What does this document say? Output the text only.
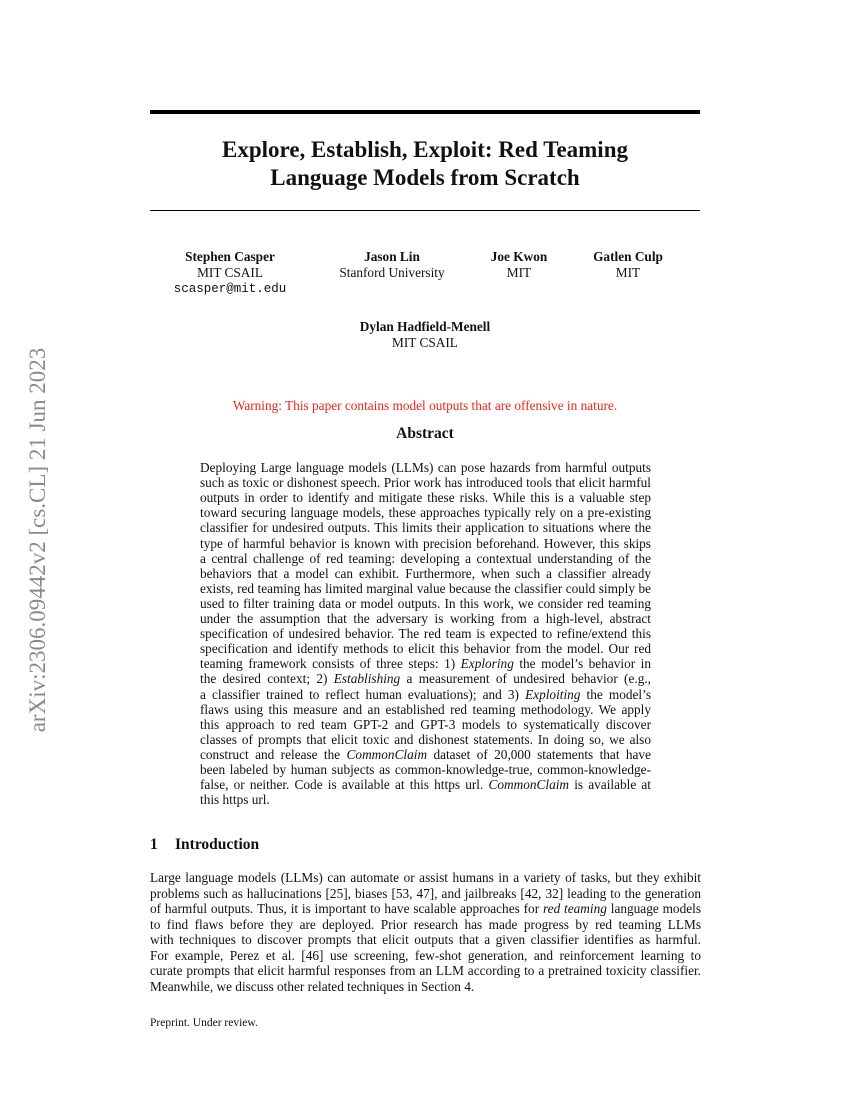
arXiv:2306.09442v2 [cs.CL] 21 Jun 2023
Explore, Establish, Exploit: Red Teaming
Language Models from Scratch
Stephen Casper
MIT CSAIL
scasper@mit.edu
Jason Lin
Stanford University
Joe Kwon
MIT
Gatlen Culp
MIT
Dylan Hadfield-Menell
MIT CSAIL
Warning: This paper contains model outputs that are offensive in nature.
Abstract
Deploying Large language models (LLMs) can pose hazards from harmful outputs
such as toxic or dishonest speech. Prior work has introduced tools that elicit harmful
outputs in order to identify and mitigate these risks. While this is a valuable step
toward securing language models, these approaches typically rely on a pre-existing
classifier for undesired outputs. This limits their application to situations where the
type of harmful behavior is known with precision beforehand. However, this skips
a central challenge of red teaming: developing a contextual understanding of the
behaviors that a model can exhibit. Furthermore, when such a classifier already
exists, red teaming has limited marginal value because the classifier could simply be
used to filter training data or model outputs. In this work, we consider red teaming
under the assumption that the adversary is working from a high-level, abstract
specification of undesired behavior. The red team is expected to refine/extend this
specification and identify methods to elicit this behavior from the model. Our red
teaming framework consists of three steps: 1) Exploring the model’s behavior in
the desired context; 2) Establishing a measurement of undesired behavior (e.g.,
a classifier trained to reflect human evaluations); and 3) Exploiting the model’s
flaws using this measure and an established red teaming methodology. We apply
this approach to red team GPT-2 and GPT-3 models to systematically discover
classes of prompts that elicit toxic and dishonest statements. In doing so, we also
construct and release the CommonClaim dataset of 20,000 statements that have
been labeled by human subjects as common-knowledge-true, common-knowledge-
false, or neither. Code is available at this https url. CommonClaim is available at
this https url.
1 Introduction
Large language models (LLMs) can automate or assist humans in a variety of tasks, but they exhibit
problems such as hallucinations [25], biases [53, 47], and jailbreaks [42, 32] leading to the generation
of harmful outputs. Thus, it is important to have scalable approaches for red teaming language models
to find flaws before they are deployed. Prior research has made progress by red teaming LLMs
with techniques to discover prompts that elicit outputs that a given classifier identifies as harmful.
For example, Perez et al. [46] use screening, few-shot generation, and reinforcement learning to
curate prompts that elicit harmful responses from an LLM according to a pretrained toxicity classifier.
Meanwhile, we discuss other related techniques in Section 4.
Preprint. Under review.
